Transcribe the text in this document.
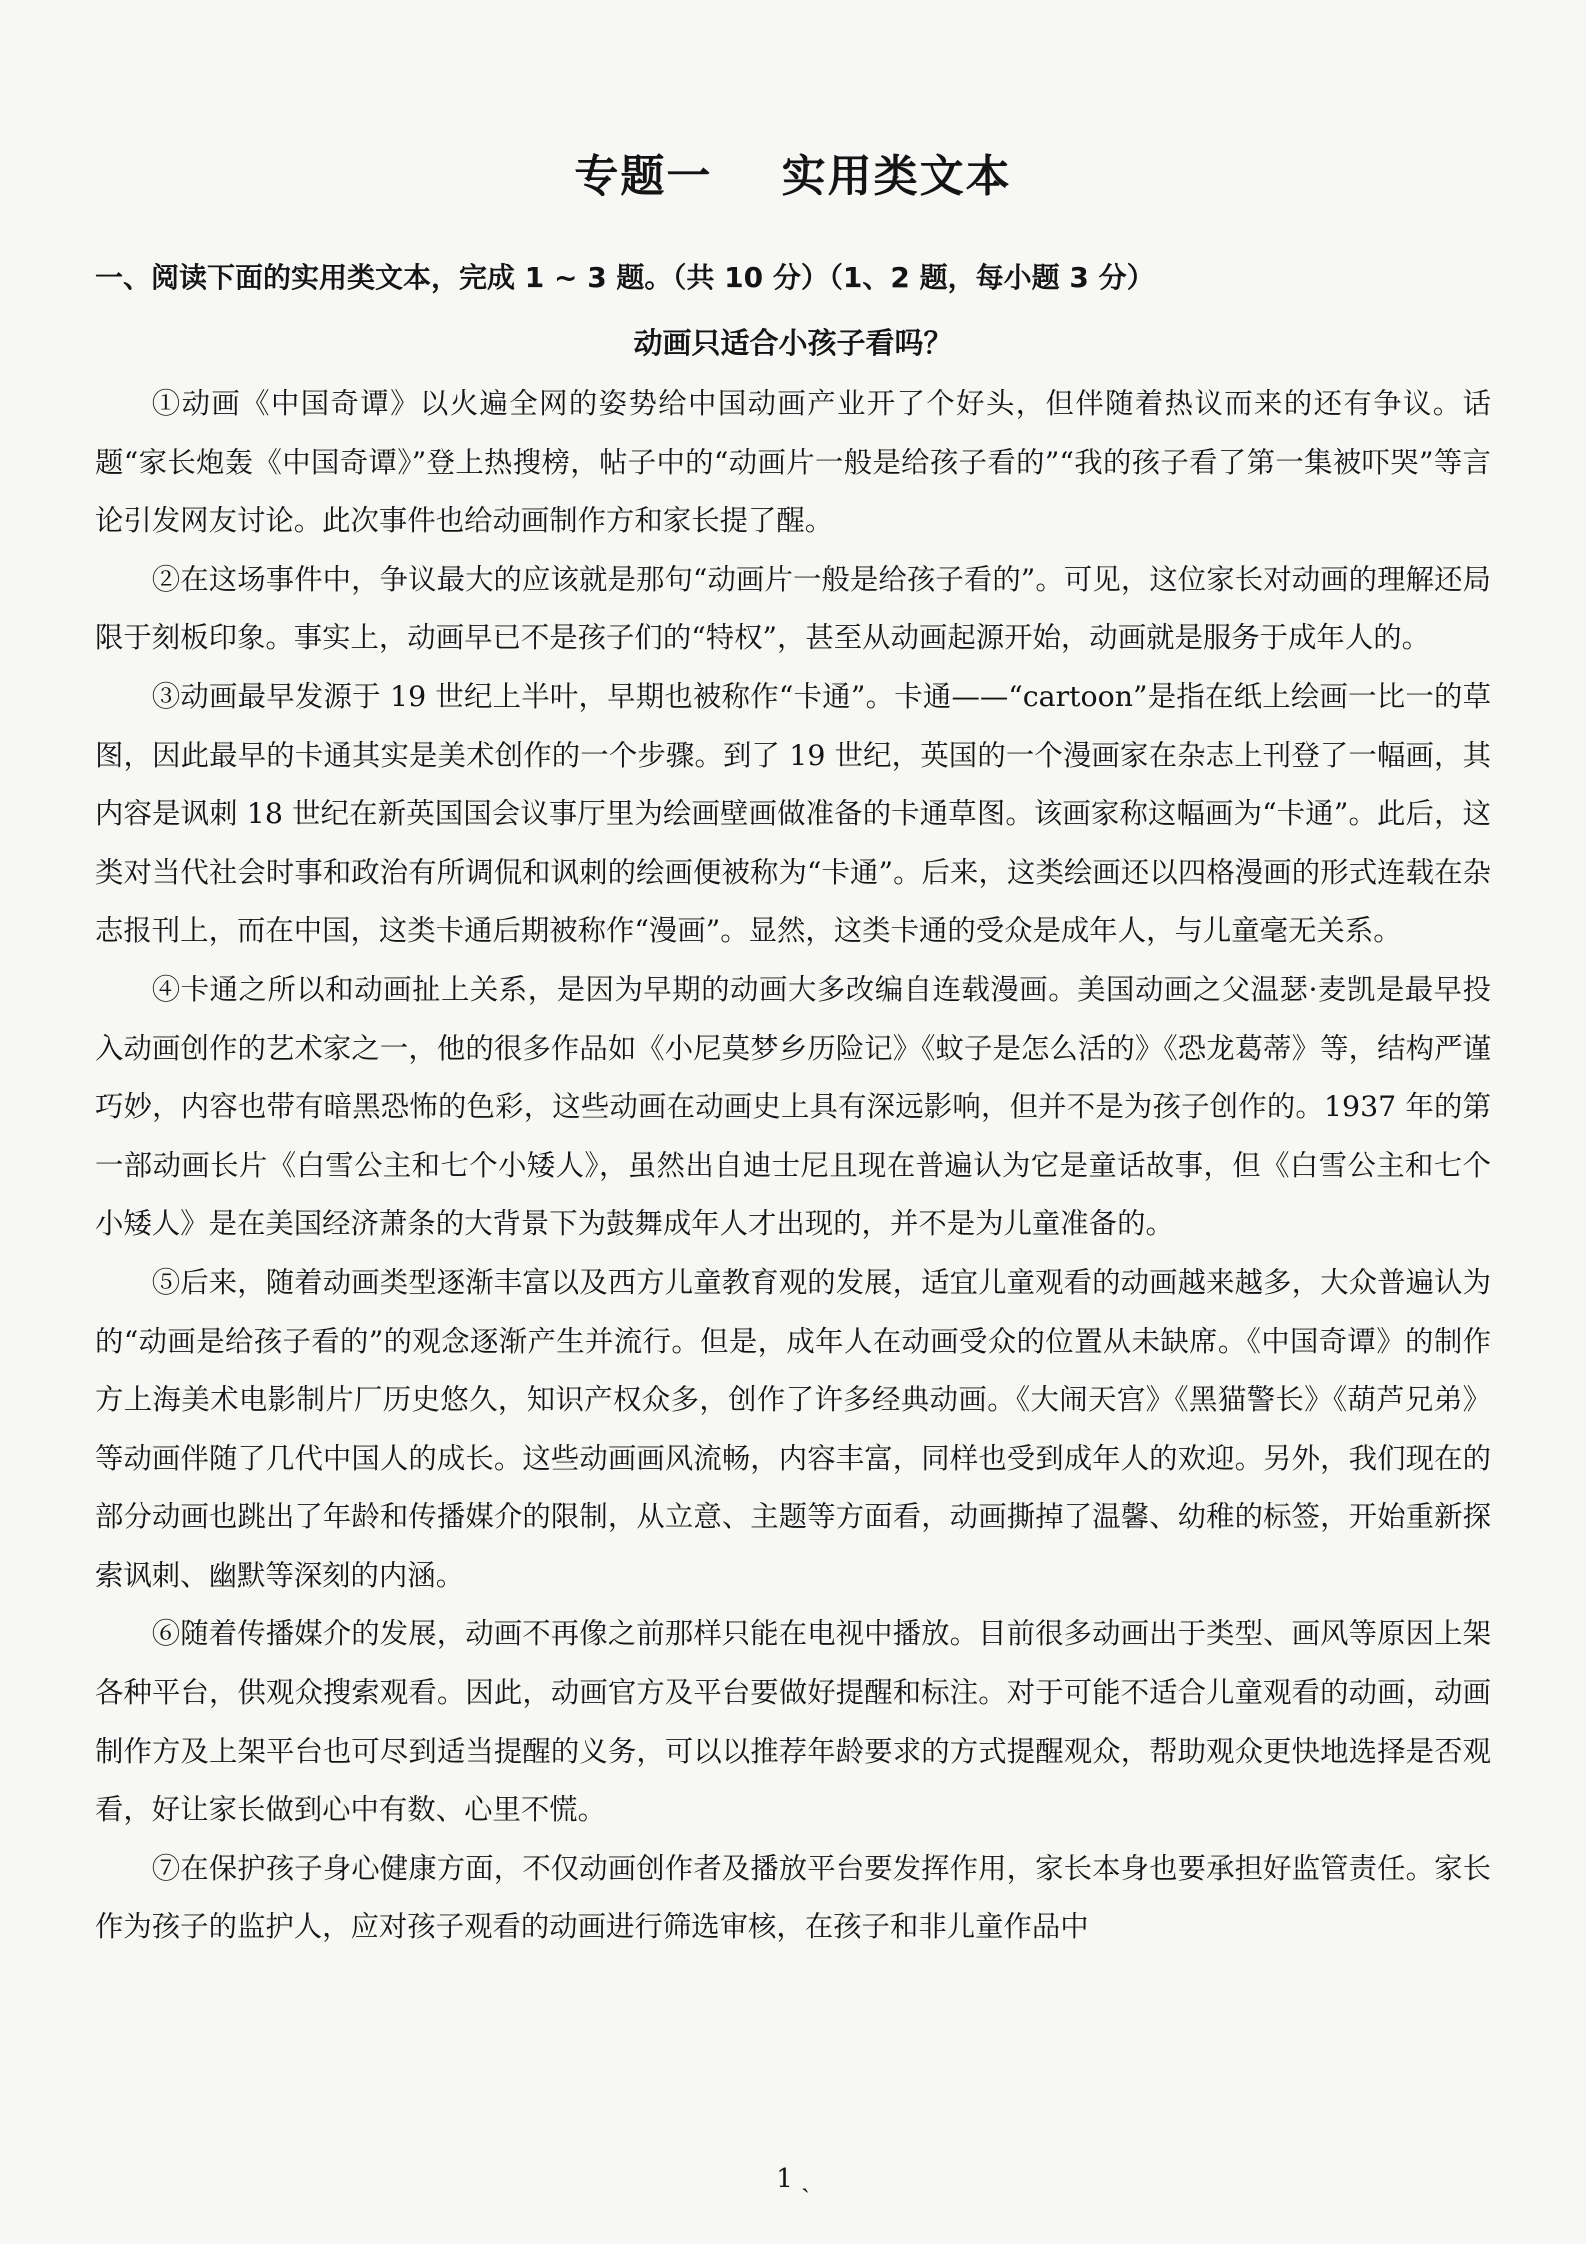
专题一    实用类文本
一、阅读下面的实用类文本，完成 1 ~ 3 题。（共 10 分）（1、2 题，每小题 3 分）
动画只适合小孩子看吗？

①动画《中国奇谭》以火遍全网的姿势给中国动画产业开了个好头，但伴随着热议而来的还有争议。话题“家长炮轰《中国奇谭》”登上热搜榜，帖子中的“动画片一般是给孩子看的”“我的孩子看了第一集被吓哭”等言论引发网友讨论。此次事件也给动画制作方和家长提了醒。

②在这场事件中，争议最大的应该就是那句“动画片一般是给孩子看的”。可见，这位家长对动画的理解还局限于刻板印象。事实上，动画早已不是孩子们的“特权”，甚至从动画起源开始，动画就是服务于成年人的。

③动画最早发源于 19 世纪上半叶，早期也被称作“卡通”。卡通——“cartoon”是指在纸上绘画一比一的草图，因此最早的卡通其实是美术创作的一个步骤。到了 19 世纪，英国的一个漫画家在杂志上刊登了一幅画，其内容是讽刺 18 世纪在新英国国会议事厅里为绘画壁画做准备的卡通草图。该画家称这幅画为“卡通”。此后，这类对当代社会时事和政治有所调侃和讽刺的绘画便被称为“卡通”。后来，这类绘画还以四格漫画的形式连载在杂志报刊上，而在中国，这类卡通后期被称作“漫画”。显然，这类卡通的受众是成年人，与儿童毫无关系。

④卡通之所以和动画扯上关系，是因为早期的动画大多改编自连载漫画。美国动画之父温瑟·麦凯是最早投入动画创作的艺术家之一，他的很多作品如《小尼莫梦乡历险记》《蚊子是怎么活的》《恐龙葛蒂》等，结构严谨巧妙，内容也带有暗黑恐怖的色彩，这些动画在动画史上具有深远影响，但并不是为孩子创作的。1937 年的第一部动画长片《白雪公主和七个小矮人》，虽然出自迪士尼且现在普遍认为它是童话故事，但《白雪公主和七个小矮人》是在美国经济萧条的大背景下为鼓舞成年人才出现的，并不是为儿童准备的。

⑤后来，随着动画类型逐渐丰富以及西方儿童教育观的发展，适宜儿童观看的动画越来越多，大众普遍认为的“动画是给孩子看的”的观念逐渐产生并流行。但是，成年人在动画受众的位置从未缺席。《中国奇谭》的制作方上海美术电影制片厂历史悠久，知识产权众多，创作了许多经典动画。《大闹天宫》《黑猫警长》《葫芦兄弟》等动画伴随了几代中国人的成长。这些动画画风流畅，内容丰富，同样也受到成年人的欢迎。另外，我们现在的部分动画也跳出了年龄和传播媒介的限制，从立意、主题等方面看，动画撕掉了温馨、幼稚的标签，开始重新探索讽刺、幽默等深刻的内涵。

⑥随着传播媒介的发展，动画不再像之前那样只能在电视中播放。目前很多动画出于类型、画风等原因上架各种平台，供观众搜索观看。因此，动画官方及平台要做好提醒和标注。对于可能不适合儿童观看的动画，动画制作方及上架平台也可尽到适当提醒的义务，可以以推荐年龄要求的方式提醒观众，帮助观众更快地选择是否观看，好让家长做到心中有数、心里不慌。

⑦在保护孩子身心健康方面，不仅动画创作者及播放平台要发挥作用，家长本身也要承担好监管责任。家长作为孩子的监护人，应对孩子观看的动画进行筛选审核，在孩子和非儿童作品中

1 ˎ
